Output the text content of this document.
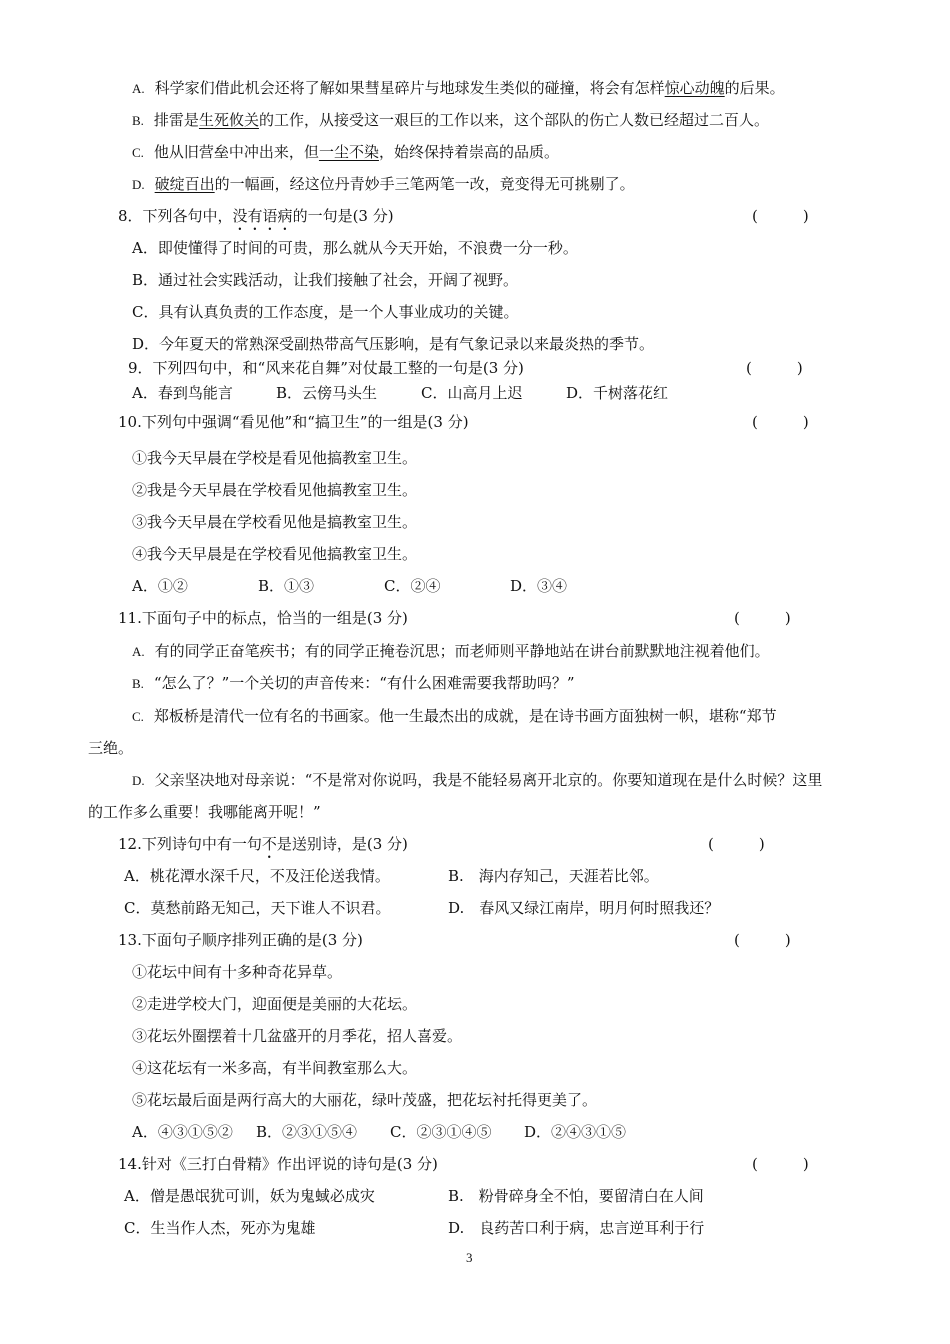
A. 科学家们借此机会还将了解如果彗星碎片与地球发生类似的碰撞，将会有怎样惊心动魄的后果。
B. 排雷是生死攸关的工作，从接受这一艰巨的工作以来，这个部队的伤亡人数已经超过二百人。
C. 他从旧营垒中冲出来，但一尘不染，始终保持着崇高的品质。
D. 破绽百出的一幅画，经这位丹青妙手三笔两笔一改，竟变得无可挑剔了。
8．下列各句中，没有语病的一句是(3 分)	(　　　)
A．即使懂得了时间的可贵，那么就从今天开始，不浪费一分一秒。
B．通过社会实践活动，让我们接触了社会，开阔了视野。
C．具有认真负责的工作态度，是一个人事业成功的关键。
D．今年夏天的常熟深受副热带高气压影响，是有气象记录以来最炎热的季节。
9．下列四句中，和“风来花自舞”对仗最工整的一句是(3 分)	(　　　)
A．春到鸟能言	B．云傍马头生	C．山高月上迟	D．千树落花红
10.下列句中强调“看见他”和“搞卫生”的一组是(3 分)	(　　　)
①我今天早晨在学校是看见他搞教室卫生。
②我是今天早晨在学校看见他搞教室卫生。
③我今天早晨在学校看见他是搞教室卫生。
④我今天早晨是在学校看见他搞教室卫生。
A．①②	B．①③	C．②④	D．③④
11.下面句子中的标点，恰当的一组是(3 分)	(　　　)
A. 有的同学正奋笔疾书；有的同学正掩卷沉思；而老师则平静地站在讲台前默默地注视着他们。
B. “怎么了？”一个关切的声音传来：“有什么困难需要我帮助吗？”
C. 郑板桥是清代一位有名的书画家。他一生最杰出的成就，是在诗书画方面独树一帜，堪称“郑节
三绝。
D. 父亲坚决地对母亲说：“不是常对你说吗，我是不能轻易离开北京的。你要知道现在是什么时候？这里
的工作多么重要！我哪能离开呢！”
12.下列诗句中有一句不是送别诗，是(3 分)	(　　　)
A．桃花潭水深千尺，不及汪伦送我情。	B.　海内存知己，天涯若比邻。
C．莫愁前路无知己，天下谁人不识君。	D.　春风又绿江南岸，明月何时照我还？
13.下面句子顺序排列正确的是(3 分)	(　　　)
①花坛中间有十多种奇花异草。
②走进学校大门，迎面便是美丽的大花坛。
③花坛外圈摆着十几盆盛开的月季花，招人喜爱。
④这花坛有一米多高，有半间教室那么大。
⑤花坛最后面是两行高大的大丽花，绿叶茂盛，把花坛衬托得更美了。
A．④③①⑤② B．②③①⑤④ C．②③①④⑤ D．②④③①⑤
14.针对《三打白骨精》作出评说的诗句是(3 分)	(　　　)
A．僧是愚氓犹可训，妖为鬼蜮必成灾	B.　粉骨碎身全不怕，要留清白在人间
C．生当作人杰，死亦为鬼雄	D.　良药苦口利于病，忠言逆耳利于行
3
